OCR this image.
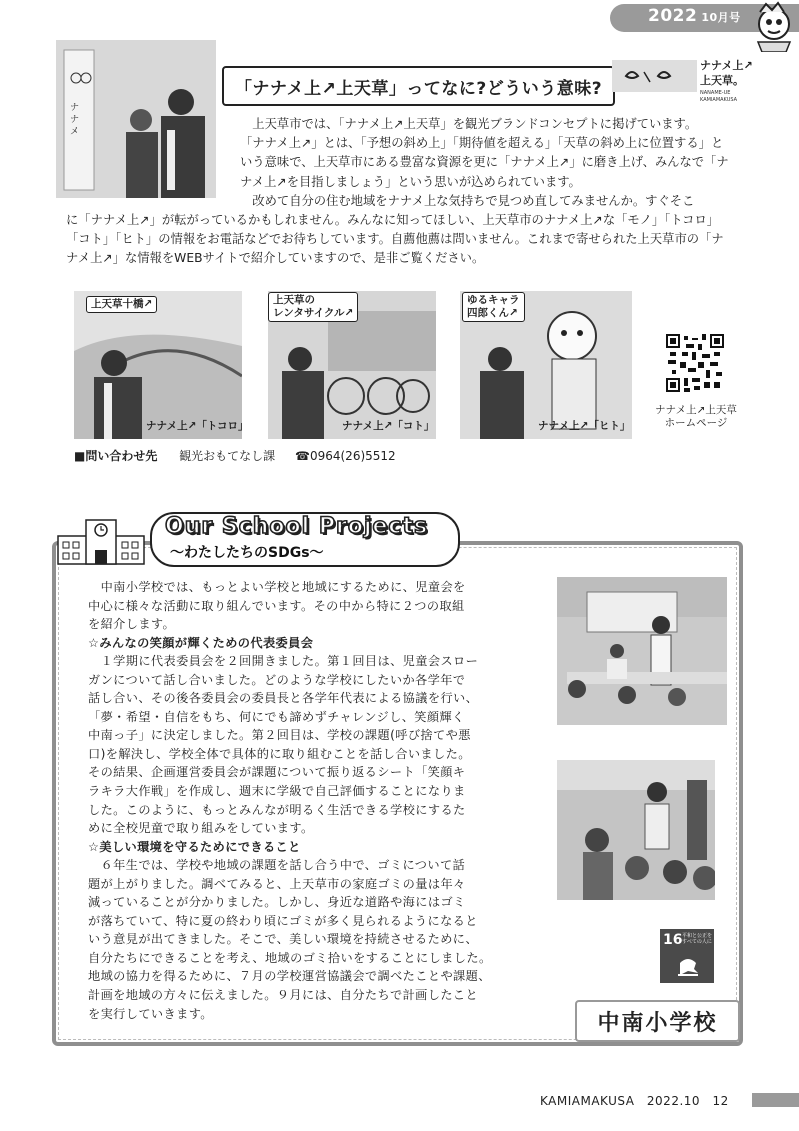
2022 10月号
ナ
ナ
メ
「ナナメ上↗上天草」ってなに?どういう意味?
ナナメ上↗
上天草。
NANAME-UE
KAMIAMAKUSA
上天草市では、「ナナメ上↗上天草」を観光ブランドコンセプトに掲げています。
「ナナメ上↗」とは、「予想の斜め上」「期待値を超える」「天草の斜め上に位置する」と
いう意味で、上天草市にある豊富な資源を更に「ナナメ上↗」に磨き上げ、みんなで「ナ
ナメ上↗を目指しましょう」という思いが込められています。
改めて自分の住む地域をナナメ上な気持ちで見つめ直してみませんか。すぐそこ
に「ナナメ上↗」が転がっているかもしれません。みんなに知ってほしい、上天草市のナナメ上↗な「モノ」「トコロ」
「コト」「ヒト」の情報をお電話などでお待ちしています。自薦他薦は問いません。これまで寄せられた上天草市の「ナ
ナメ上↗」な情報をWEBサイトで紹介していますので、是非ご覧ください。
上天草十橋↗
ナナメ上↗「トコロ」
上天草の
レンタサイクル↗
ナナメ上↗「コト」
ゆるキャラ
四郎くん↗
ナナメ上↗「ヒト」
ナナメ上↗上天草
ホームページ
■問い合わせ先 観光おもてなし課 ☎0964(26)5512
Our School Projects
〜わたしたちのSDGs〜

　中南小学校では、もっとよい学校と地域にするために、児童会を

中心に様々な活動に取り組んでいます。その中から特に２つの取組

を紹介します。

☆みんなの笑顔が輝くための代表委員会

　１学期に代表委員会を２回開きました。第１回目は、児童会スロー

ガンについて話し合いました。どのような学校にしたいか各学年で

話し合い、その後各委員会の委員長と各学年代表による協議を行い、

「夢・希望・自信をもち、何にでも諦めずチャレンジし、笑顔輝く

中南っ子」に決定しました。第２回目は、学校の課題(呼び捨てや悪

口)を解決し、学校全体で具体的に取り組むことを話し合いました。

その結果、企画運営委員会が課題について振り返るシート「笑顔キ

ラキラ大作戦」を作成し、週末に学級で自己評価することになりま

した。このように、もっとみんなが明るく生活できる学校にするた

めに全校児童で取り組みをしています。

☆美しい環境を守るためにできること

　６年生では、学校や地域の課題を話し合う中で、ゴミについて話

題が上がりました。調べてみると、上天草市の家庭ゴミの量は年々

減っていることが分かりました。しかし、身近な道路や海にはゴミ

が落ちていて、特に夏の終わり頃にゴミが多く見られるようになると

いう意見が出てきました。そこで、美しい環境を持続させるために、

自分たちにできることを考え、地域のゴミ拾いをすることにしました。

地域の協力を得るために、７月の学校運営協議会で調べたことや課題、

計画を地域の方々に伝えました。９月には、自分たちで計画したこと

を実行していきます。

16 平和と公正を
すべての人に
中南小学校
KAMIAMAKUSA　2022.10　12
